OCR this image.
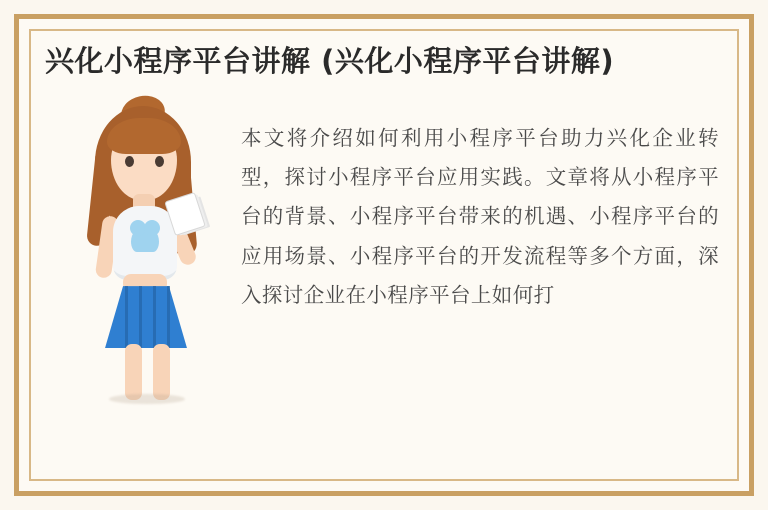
兴化小程序平台讲解 (兴化小程序平台讲解)

本文将介绍如何利用小程序平台助力兴化企业转型，探讨小程序平台应用实践。文章将从小程序平台的背景、小程序平台带来的机遇、小程序平台的应用场景、小程序平台的开发流程等多个方面，深入探讨企业在小程序平台上如何打
